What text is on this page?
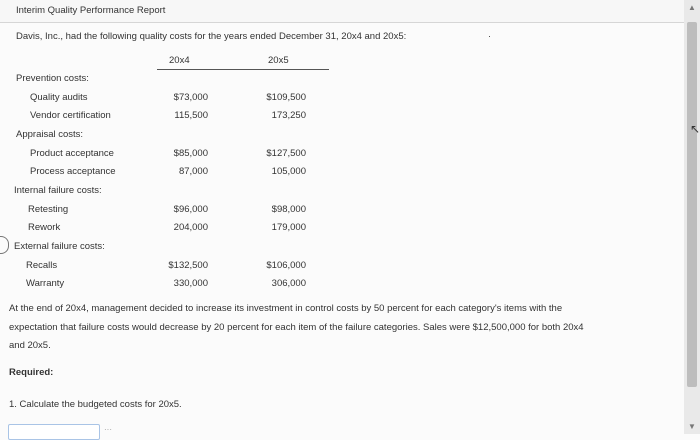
Interim Quality Performance Report
Davis, Inc., had the following quality costs for the years ended December 31, 20x4 and 20x5:	·
20x4	20x5
Prevention costs:
Quality audits	$73,000	$109,500
Vendor certification	115,500	173,250
Appraisal costs:
Product acceptance	$85,000	$127,500
Process acceptance	87,000	105,000
Internal failure costs:
Retesting	$96,000	$98,000
Rework	204,000	179,000
External failure costs:
Recalls	$132,500	$106,000
Warranty	330,000	306,000
At the end of 20x4, management decided to increase its investment in control costs by 50 percent for each category's items with the
expectation that failure costs would decrease by 20 percent for each item of the failure categories. Sales were $12,500,000 for both 20x4
and 20x5.
Required:
1. Calculate the budgeted costs for 20x5.
···
▲
▼
↖
